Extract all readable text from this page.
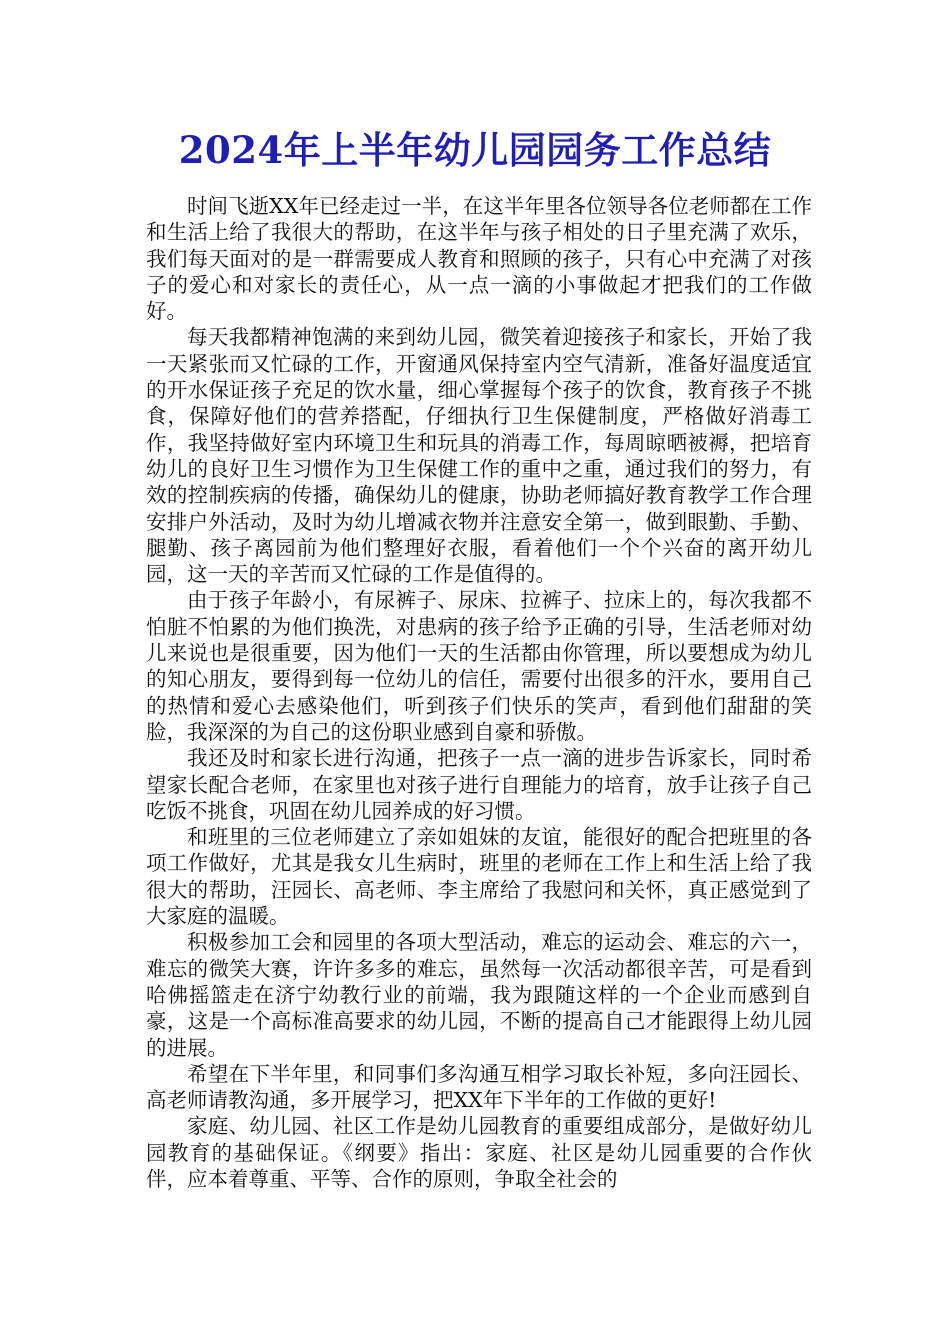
2024年上半年幼儿园园务工作总结

时间飞逝XX年已经走过一半，在这半年里各位领导各位老师都在工作和生活上给了我很大的帮助，在这半年与孩子相处的日子里充满了欢乐，我们每天面对的是一群需要成人教育和照顾的孩子，只有心中充满了对孩子的爱心和对家长的责任心，从一点一滴的小事做起才把我们的工作做好。

每天我都精神饱满的来到幼儿园，微笑着迎接孩子和家长，开始了我一天紧张而又忙碌的工作，开窗通风保持室内空气清新，准备好温度适宜的开水保证孩子充足的饮水量，细心掌握每个孩子的饮食，教育孩子不挑食，保障好他们的营养搭配，仔细执行卫生保健制度，严格做好消毒工作，我坚持做好室内环境卫生和玩具的消毒工作，每周晾晒被褥，把培育幼儿的良好卫生习惯作为卫生保健工作的重中之重，通过我们的努力，有效的控制疾病的传播，确保幼儿的健康，协助老师搞好教育教学工作合理安排户外活动，及时为幼儿增减衣物并注意安全第一，做到眼勤、手勤、腿勤、孩子离园前为他们整理好衣服，看着他们一个个兴奋的离开幼儿园，这一天的辛苦而又忙碌的工作是值得的。

由于孩子年龄小，有尿裤子、尿床、拉裤子、拉床上的，每次我都不怕脏不怕累的为他们换洗，对患病的孩子给予正确的引导，生活老师对幼儿来说也是很重要，因为他们一天的生活都由你管理，所以要想成为幼儿的知心朋友，要得到每一位幼儿的信任，需要付出很多的汗水，要用自己的热情和爱心去感染他们，听到孩子们快乐的笑声，看到他们甜甜的笑脸，我深深的为自己的这份职业感到自豪和骄傲。

我还及时和家长进行沟通，把孩子一点一滴的进步告诉家长，同时希望家长配合老师，在家里也对孩子进行自理能力的培育，放手让孩子自己吃饭不挑食，巩固在幼儿园养成的好习惯。

和班里的三位老师建立了亲如姐妹的友谊，能很好的配合把班里的各项工作做好，尤其是我女儿生病时，班里的老师在工作上和生活上给了我很大的帮助，汪园长、高老师、李主席给了我慰问和关怀，真正感觉到了大家庭的温暖。

积极参加工会和园里的各项大型活动，难忘的运动会、难忘的六一，难忘的微笑大赛，许许多多的难忘，虽然每一次活动都很辛苦，可是看到哈佛摇篮走在济宁幼教行业的前端，我为跟随这样的一个企业而感到自豪，这是一个高标准高要求的幼儿园，不断的提高自己才能跟得上幼儿园的进展。

希望在下半年里，和同事们多沟通互相学习取长补短，多向汪园长、高老师请教沟通，多开展学习，把XX年下半年的工作做的更好!

家庭、幼儿园、社区工作是幼儿园教育的重要组成部分，是做好幼儿园教育的基础保证。《纲要》指出：家庭、社区是幼儿园重要的合作伙伴，应本着尊重、平等、合作的原则，争取全社会的
